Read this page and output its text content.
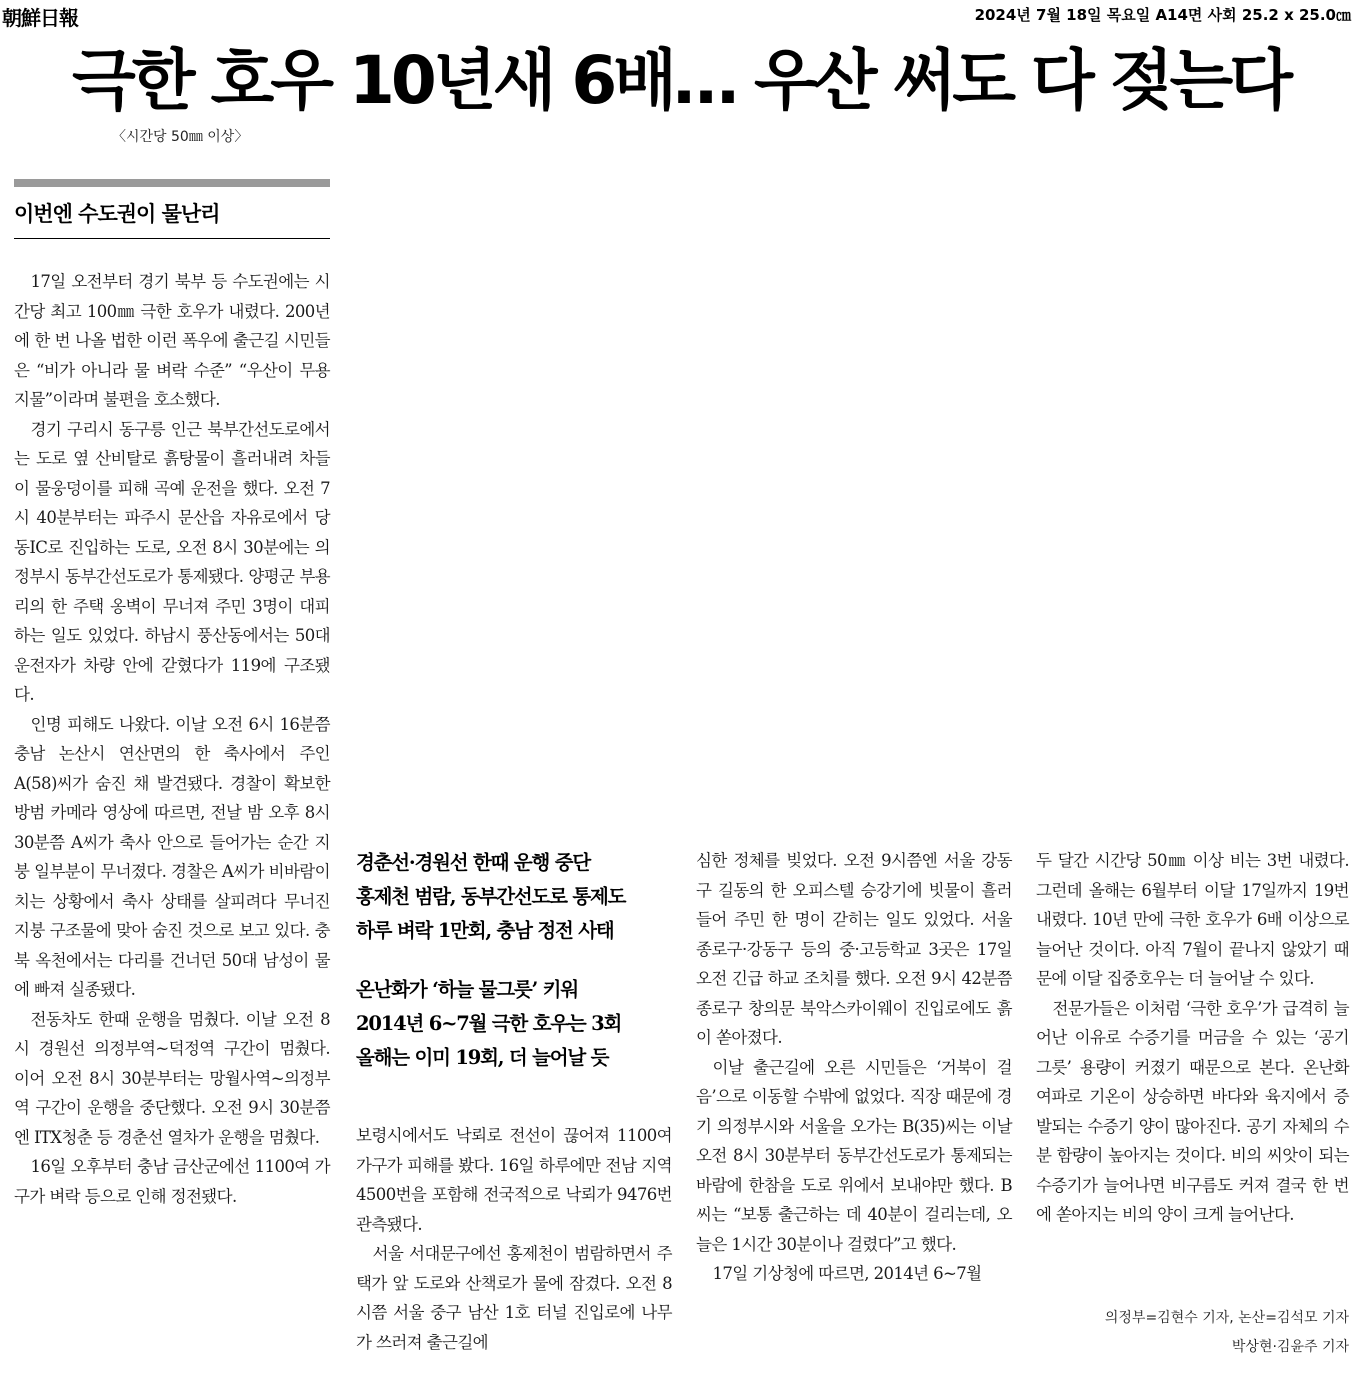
朝鮮日報	2024년 7월 18일 목요일 A14면 사회 25.2 x 25.0㎝
극한 호우 10년새 6배… 우산 써도 다 젖는다
〈시간당 50㎜ 이상〉
이번엔 수도권이 물난리

17일 오전부터 경기 북부 등 수도권에는 시간당 최고 100㎜ 극한 호우가 내렸다. 200년에 한 번 나올 법한 이런 폭우에 출근길 시민들은 “비가 아니라 물 벼락 수준” “우산이 무용지물”이라며 불편을 호소했다.

경기 구리시 동구릉 인근 북부간선도로에서는 도로 옆 산비탈로 흙탕물이 흘러내려 차들이 물웅덩이를 피해 곡예 운전을 했다. 오전 7시 40분부터는 파주시 문산읍 자유로에서 당동IC로 진입하는 도로, 오전 8시 30분에는 의정부시 동부간선도로가 통제됐다. 양평군 부용리의 한 주택 옹벽이 무너져 주민 3명이 대피하는 일도 있었다. 하남시 풍산동에서는 50대 운전자가 차량 안에 갇혔다가 119에 구조됐다.

인명 피해도 나왔다. 이날 오전 6시 16분쯤 충남 논산시 연산면의 한 축사에서 주인 A(58)씨가 숨진 채 발견됐다. 경찰이 확보한 방범 카메라 영상에 따르면, 전날 밤 오후 8시 30분쯤 A씨가 축사 안으로 들어가는 순간 지붕 일부분이 무너졌다. 경찰은 A씨가 비바람이 치는 상황에서 축사 상태를 살피려다 무너진 지붕 구조물에 맞아 숨진 것으로 보고 있다. 충북 옥천에서는 다리를 건너던 50대 남성이 물에 빠져 실종됐다.

전동차도 한때 운행을 멈췄다. 이날 오전 8시 경원선 의정부역~덕정역 구간이 멈췄다. 이어 오전 8시 30분부터는 망월사역~의정부역 구간이 운행을 중단했다. 오전 9시 30분쯤엔 ITX청춘 등 경춘선 열차가 운행을 멈췄다.

16일 오후부터 충남 금산군에선 1100여 가구가 벼락 등으로 인해 정전됐다.

경춘선·경원선 한때 운행 중단
홍제천 범람, 동부간선도로 통제도
하루 벼락 1만회, 충남 정전 사태
온난화가 ‘하늘 물그릇’ 키워
2014년 6~7월 극한 호우는 3회
올해는 이미 19회, 더 늘어날 듯

보령시에서도 낙뢰로 전선이 끊어져 1100여 가구가 피해를 봤다. 16일 하루에만 전남 지역 4500번을 포함해 전국적으로 낙뢰가 9476번 관측됐다.

서울 서대문구에선 홍제천이 범람하면서 주택가 앞 도로와 산책로가 물에 잠겼다. 오전 8시쯤 서울 중구 남산 1호 터널 진입로에 나무가 쓰러져 출근길에

심한 정체를 빚었다. 오전 9시쯤엔 서울 강동구 길동의 한 오피스텔 승강기에 빗물이 흘러들어 주민 한 명이 갇히는 일도 있었다. 서울 종로구·강동구 등의 중·고등학교 3곳은 17일 오전 긴급 하교 조치를 했다. 오전 9시 42분쯤 종로구 창의문 북악스카이웨이 진입로에도 흙이 쏟아졌다.

이날 출근길에 오른 시민들은 ‘거북이 걸음’으로 이동할 수밖에 없었다. 직장 때문에 경기 의정부시와 서울을 오가는 B(35)씨는 이날 오전 8시 30분부터 동부간선도로가 통제되는 바람에 한참을 도로 위에서 보내야만 했다. B씨는 “보통 출근하는 데 40분이 걸리는데, 오늘은 1시간 30분이나 걸렸다”고 했다.

17일 기상청에 따르면, 2014년 6~7월

두 달간 시간당 50㎜ 이상 비는 3번 내렸다. 그런데 올해는 6월부터 이달 17일까지 19번 내렸다. 10년 만에 극한 호우가 6배 이상으로 늘어난 것이다. 아직 7월이 끝나지 않았기 때문에 이달 집중호우는 더 늘어날 수 있다.

전문가들은 이처럼 ‘극한 호우’가 급격히 늘어난 이유로 수증기를 머금을 수 있는 ‘공기 그릇’ 용량이 커졌기 때문으로 본다. 온난화 여파로 기온이 상승하면 바다와 육지에서 증발되는 수증기 양이 많아진다. 공기 자체의 수분 함량이 높아지는 것이다. 비의 씨앗이 되는 수증기가 늘어나면 비구름도 커져 결국 한 번에 쏟아지는 비의 양이 크게 늘어난다.

의정부=김현수 기자, 논산=김석모 기자
박상현·김윤주 기자
